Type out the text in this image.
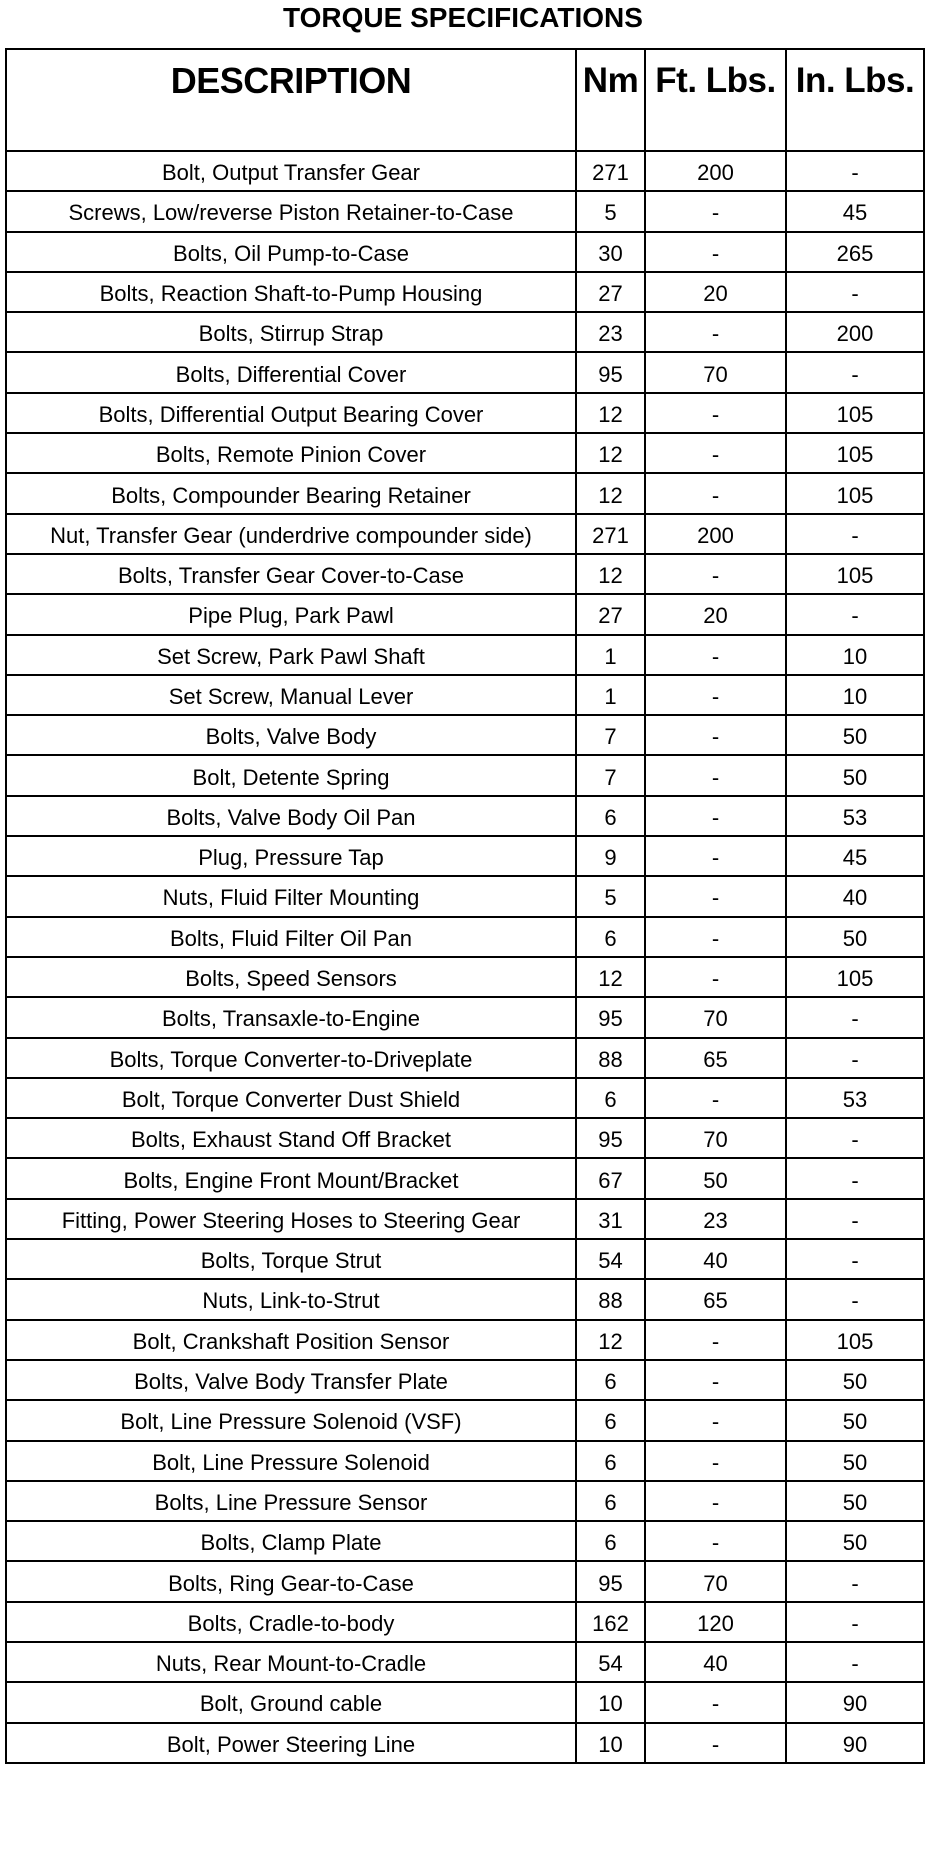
TORQUE SPECIFICATIONS
DESCRIPTION	Nm	Ft. Lbs.	In. Lbs.
Bolt, Output Transfer Gear	271	200	-
Screws, Low/reverse Piston Retainer-to-Case	5	-	45
Bolts, Oil Pump-to-Case	30	-	265
Bolts, Reaction Shaft-to-Pump Housing	27	20	-
Bolts, Stirrup Strap	23	-	200
Bolts, Differential Cover	95	70	-
Bolts, Differential Output Bearing Cover	12	-	105
Bolts, Remote Pinion Cover	12	-	105
Bolts, Compounder Bearing Retainer	12	-	105
Nut, Transfer Gear (underdrive compounder side)	271	200	-
Bolts, Transfer Gear Cover-to-Case	12	-	105
Pipe Plug, Park Pawl	27	20	-
Set Screw, Park Pawl Shaft	1	-	10
Set Screw, Manual Lever	1	-	10
Bolts, Valve Body	7	-	50
Bolt, Detente Spring	7	-	50
Bolts, Valve Body Oil Pan	6	-	53
Plug, Pressure Tap	9	-	45
Nuts, Fluid Filter Mounting	5	-	40
Bolts, Fluid Filter Oil Pan	6	-	50
Bolts, Speed Sensors	12	-	105
Bolts, Transaxle-to-Engine	95	70	-
Bolts, Torque Converter-to-Driveplate	88	65	-
Bolt, Torque Converter Dust Shield	6	-	53
Bolts, Exhaust Stand Off Bracket	95	70	-
Bolts, Engine Front Mount/Bracket	67	50	-
Fitting, Power Steering Hoses to Steering Gear	31	23	-
Bolts, Torque Strut	54	40	-
Nuts, Link-to-Strut	88	65	-
Bolt, Crankshaft Position Sensor	12	-	105
Bolts, Valve Body Transfer Plate	6	-	50
Bolt, Line Pressure Solenoid (VSF)	6	-	50
Bolt, Line Pressure Solenoid	6	-	50
Bolts, Line Pressure Sensor	6	-	50
Bolts, Clamp Plate	6	-	50
Bolts, Ring Gear-to-Case	95	70	-
Bolts, Cradle-to-body	162	120	-
Nuts, Rear Mount-to-Cradle	54	40	-
Bolt, Ground cable	10	-	90
Bolt, Power Steering Line	10	-	90
